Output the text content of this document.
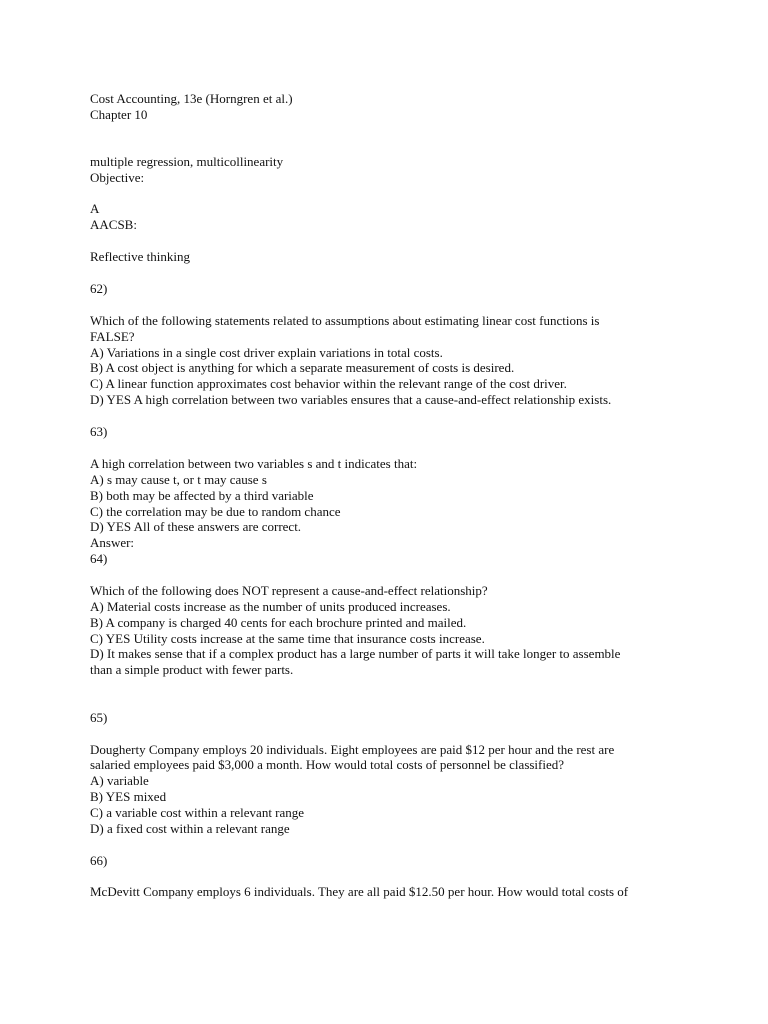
Cost Accounting, 13e (Horngren et al.)
Chapter 10
multiple regression, multicollinearity
Objective:
A
AACSB:
Reflective thinking
62)
Which of the following statements related to assumptions about estimating linear cost functions is
FALSE?
A) Variations in a single cost driver explain variations in total costs.
B) A cost object is anything for which a separate measurement of costs is desired.
C) A linear function approximates cost behavior within the relevant range of the cost driver.
D) YES A high correlation between two variables ensures that a cause-and-effect relationship exists.
63)
A high correlation between two variables s and t indicates that:
A) s may cause t, or t may cause s
B) both may be affected by a third variable
C) the correlation may be due to random chance
D) YES All of these answers are correct.
Answer:
64)
Which of the following does NOT represent a cause-and-effect relationship?
A) Material costs increase as the number of units produced increases.
B) A company is charged 40 cents for each brochure printed and mailed.
C) YES Utility costs increase at the same time that insurance costs increase.
D) It makes sense that if a complex product has a large number of parts it will take longer to assemble
than a simple product with fewer parts.
65)
Dougherty Company employs 20 individuals. Eight employees are paid $12 per hour and the rest are
salaried employees paid $3,000 a month. How would total costs of personnel be classified?
A) variable
B) YES mixed
C) a variable cost within a relevant range
D) a fixed cost within a relevant range
66)
McDevitt Company employs 6 individuals. They are all paid $12.50 per hour. How would total costs of
